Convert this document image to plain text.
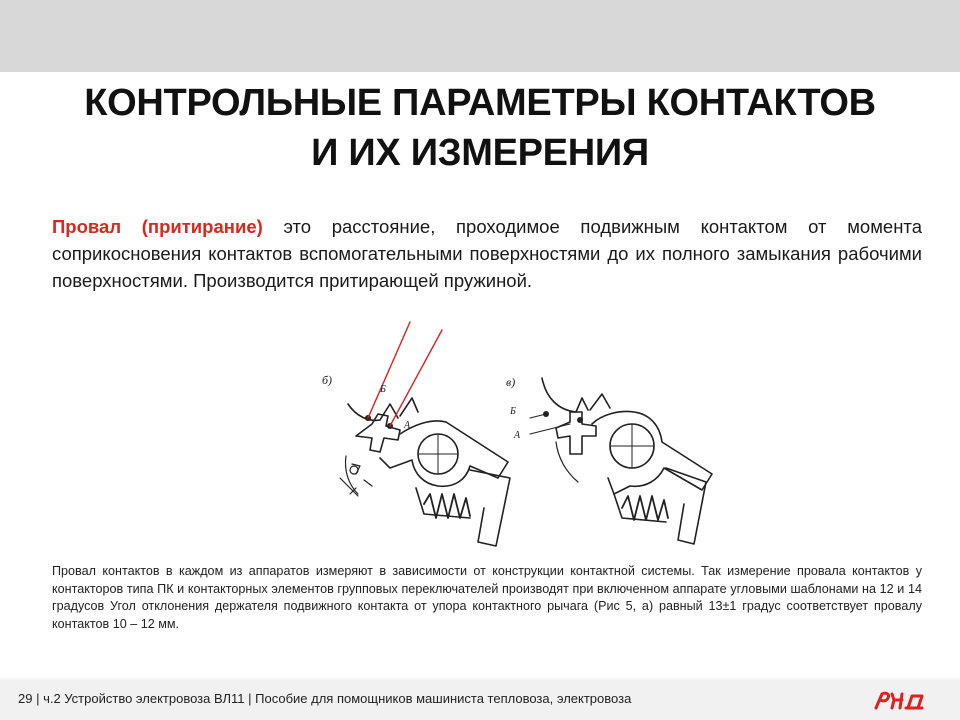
КОНТРОЛЬНЫЕ ПАРАМЕТРЫ КОНТАКТОВ
И ИХ ИЗМЕРЕНИЯ
Провал (притирание) это расстояние, проходимое подвижным контактом от момента соприкосновения контактов вспомогательными поверхностями до их полного замыкания рабочими поверхностями. Производится притирающей пружиной.
б)
Б
А
в)
Б
А
Провал контактов в каждом из аппаратов измеряют в зависимости от конструкции контактной системы. Так измерение провала контактов у контакторов типа ПК и контакторных элементов групповых переключателей производят при включенном аппарате угловыми шаблонами на 12 и 14 градусов Угол отклонения держателя подвижного контакта от упора контактного рычага (Рис 5, а) равный 13±1 градус соответствует провалу контактов 10 – 12 мм.
29 | ч.2 Устройство электровоза ВЛ11 | Пособие для помощников машиниста тепловоза, электровоза
